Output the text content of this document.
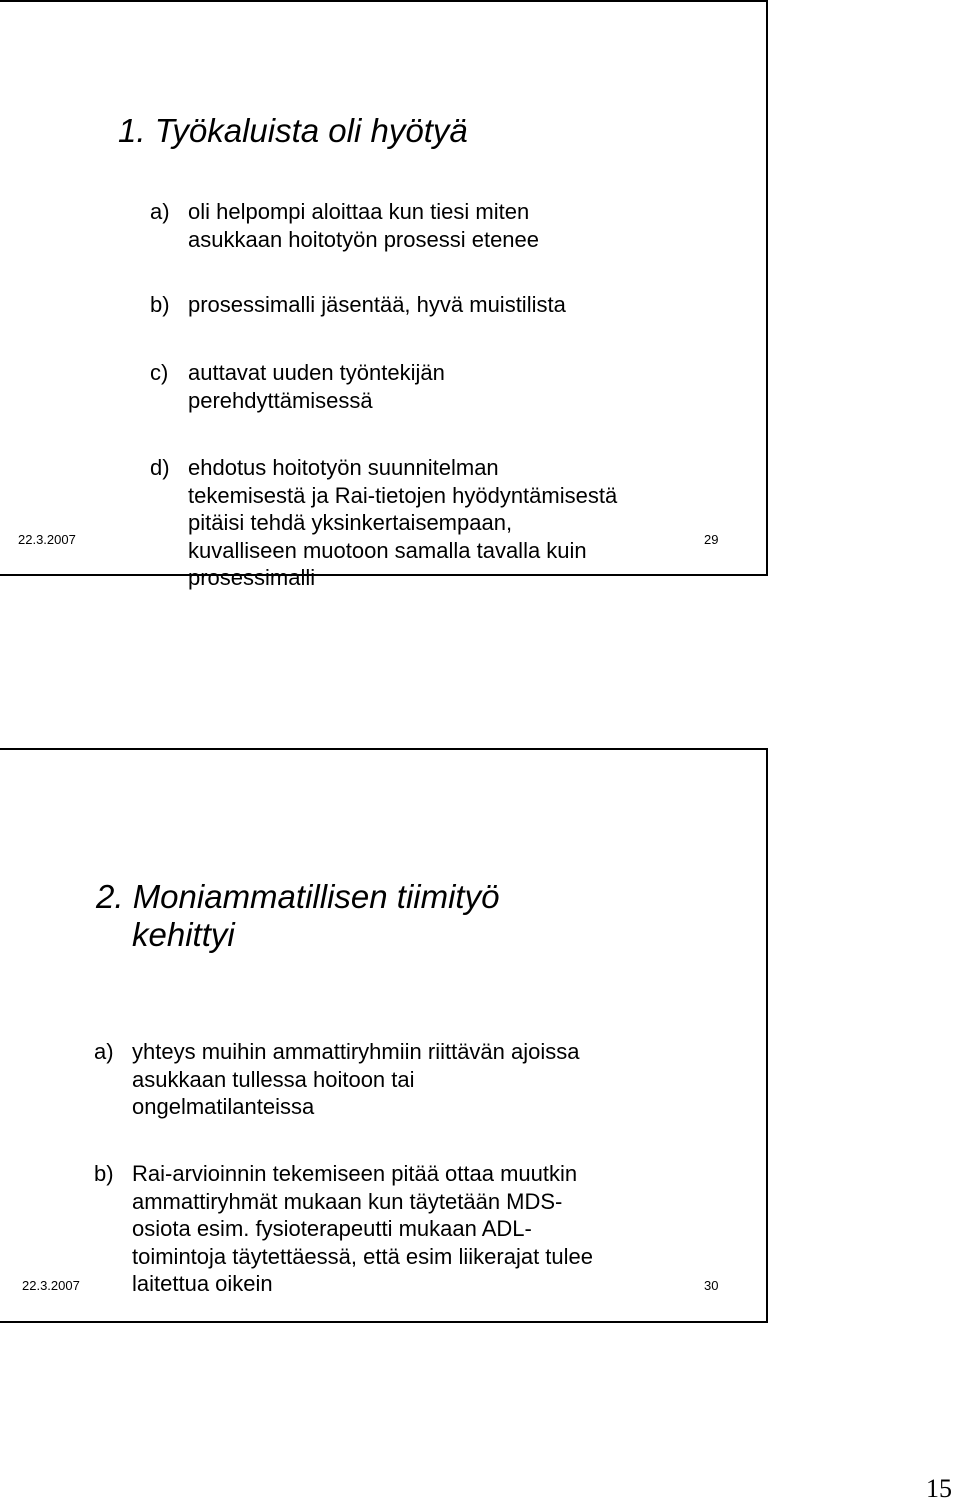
1. Työkaluista oli hyötyä
a) oli helpompi aloittaa kun tiesi miten
asukkaan hoitotyön prosessi etenee
b) prosessimalli jäsentää, hyvä muistilista
c) auttavat uuden työntekijän
perehdyttämisessä
d) ehdotus hoitotyön suunnitelman
tekemisestä ja Rai-tietojen hyödyntämisestä
pitäisi tehdä yksinkertaisempaan,
kuvalliseen muotoon samalla tavalla kuin
prosessimalli
22.3.2007	29
2. Moniammatillisen tiimityö
kehittyi
a) yhteys muihin ammattiryhmiin riittävän ajoissa
asukkaan tullessa hoitoon tai
ongelmatilanteissa
b) Rai-arvioinnin tekemiseen pitää ottaa muutkin
ammattiryhmät mukaan kun täytetään MDS-
osiota esim. fysioterapeutti mukaan ADL-
toimintoja täytettäessä, että esim liikerajat tulee
laitettua oikein
22.3.2007	30
15
